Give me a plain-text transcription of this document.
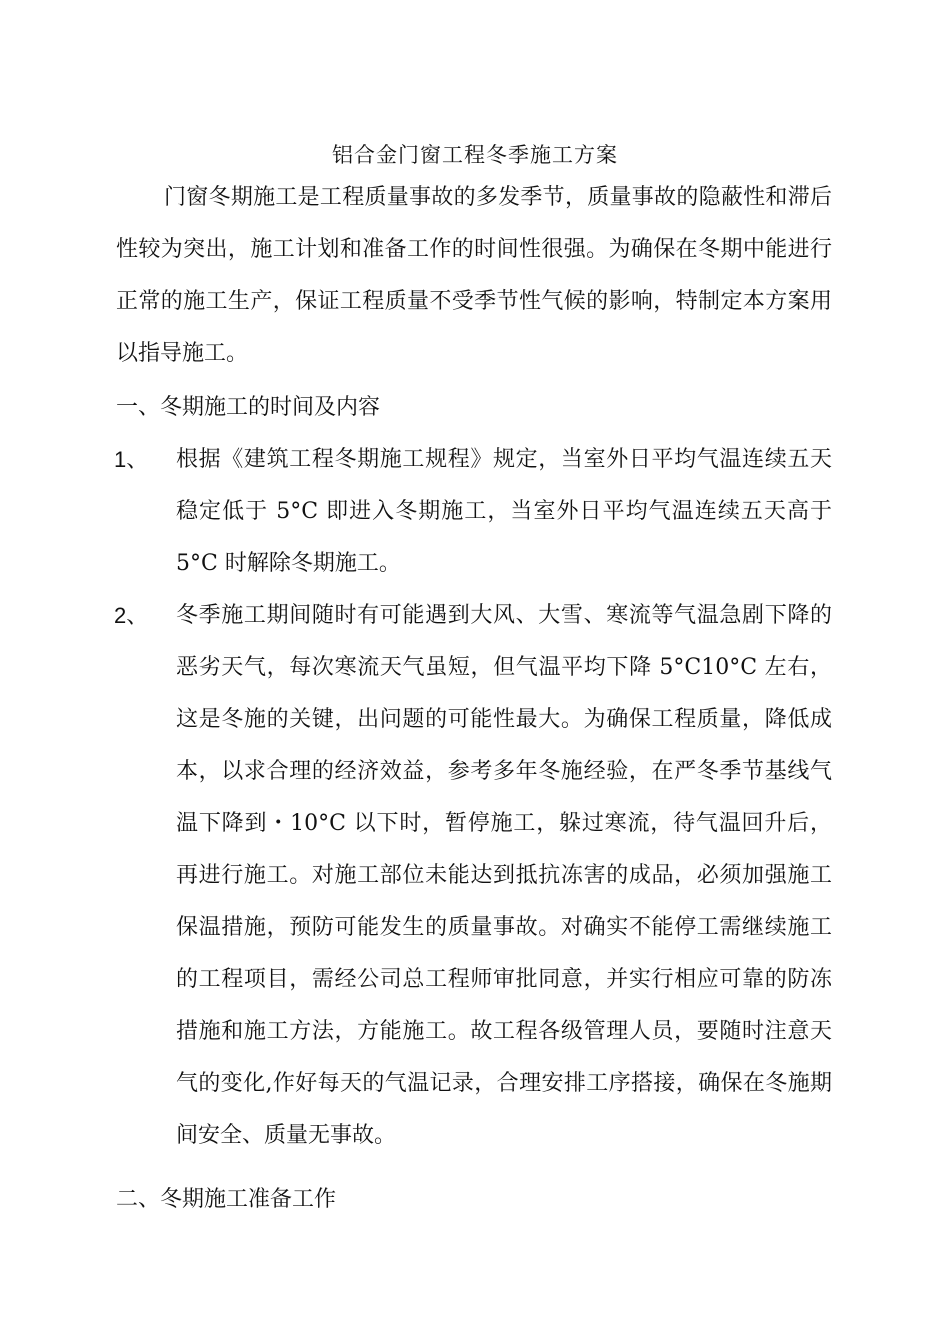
铝合金门窗工程冬季施工方案
门窗冬期施工是工程质量事故的多发季节，质量事故的隐蔽性和滞后性较为突出，施工计划和准备工作的时间性很强。为确保在冬期中能进行正常的施工生产，保证工程质量不受季节性气候的影响，特制定本方案用以指导施工。
一、冬期施工的时间及内容
1、 根据《建筑工程冬期施工规程》规定，当室外日平均气温连续五天稳定低于 5°C 即进入冬期施工，当室外日平均气温连续五天高于 5°C 时解除冬期施工。
2、 冬季施工期间随时有可能遇到大风、大雪、寒流等气温急剧下降的恶劣天气，每次寒流天气虽短，但气温平均下降 5°C10°C 左右，这是冬施的关键，出问题的可能性最大。为确保工程质量，降低成本，以求合理的经济效益，参考多年冬施经验，在严冬季节基线气温下降到・10°C 以下时，暂停施工，躲过寒流，待气温回升后，再进行施工。对施工部位未能达到抵抗冻害的成品，必须加强施工保温措施，预防可能发生的质量事故。对确实不能停工需继续施工的工程项目，需经公司总工程师审批同意，并实行相应可靠的防冻措施和施工方法，方能施工。故工程各级管理人员，要随时注意天气的变化,作好每天的气温记录，合理安排工序搭接，确保在冬施期间安全、质量无事故。
二、冬期施工准备工作
